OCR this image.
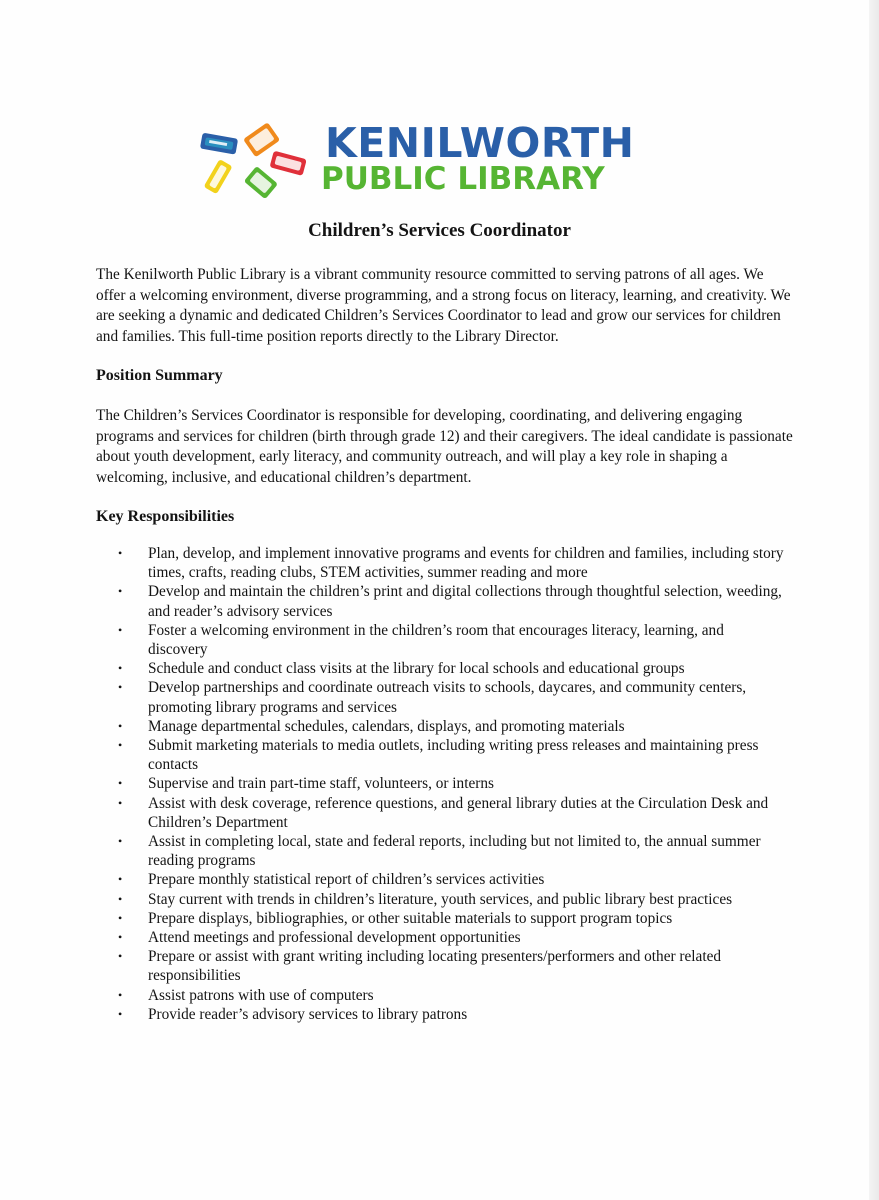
KENILWORTH
PUBLIC LIBRARY
Children’s Services Coordinator

The Kenilworth Public Library is a vibrant community resource committed to serving patrons of all ages. We offer a welcoming environment, diverse programming, and a strong focus on literacy, learning, and creativity. We are seeking a dynamic and dedicated Children’s Services Coordinator to lead and grow our services for children and families. This full-time position reports directly to the Library Director.

Position Summary

The Children’s Services Coordinator is responsible for developing, coordinating, and delivering engaging programs and services for children (birth through grade 12) and their caregivers. The ideal candidate is passionate about youth development, early literacy, and community outreach, and will play a key role in shaping a welcoming, inclusive, and educational children’s department.

Key Responsibilities
• Plan, develop, and implement innovative programs and events for children and families, including story times, crafts, reading clubs, STEM activities, summer reading and more
• Develop and maintain the children’s print and digital collections through thoughtful selection, weeding, and reader’s advisory services
• Foster a welcoming environment in the children’s room that encourages literacy, learning, and discovery
• Schedule and conduct class visits at the library for local schools and educational groups
• Develop partnerships and coordinate outreach visits to schools, daycares, and community centers, promoting library programs and services
• Manage departmental schedules, calendars, displays, and promoting materials
• Submit marketing materials to media outlets, including writing press releases and maintaining press contacts
• Supervise and train part-time staff, volunteers, or interns
• Assist with desk coverage, reference questions, and general library duties at the Circulation Desk and Children’s Department
• Assist in completing local, state and federal reports, including but not limited to, the annual summer reading programs
• Prepare monthly statistical report of children’s services activities
• Stay current with trends in children’s literature, youth services, and public library best practices
• Prepare displays, bibliographies, or other suitable materials to support program topics
• Attend meetings and professional development opportunities
• Prepare or assist with grant writing including locating presenters/performers and other related responsibilities
• Assist patrons with use of computers
• Provide reader’s advisory services to library patrons
